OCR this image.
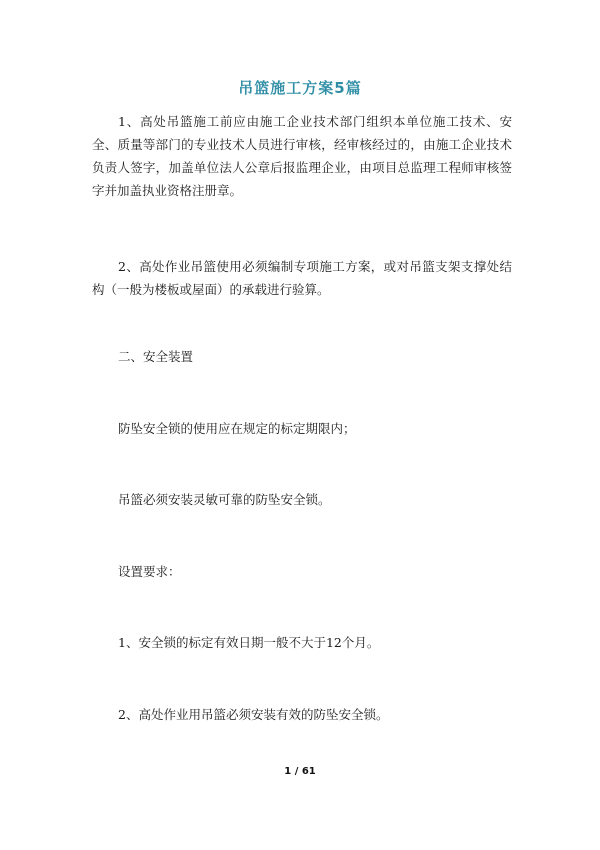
吊篮施工方案5篇
1、高处吊篮施工前应由施工企业技术部门组织本单位施工技术、安全、质量等部门的专业技术人员进行审核，经审核经过的，由施工企业技术负责人签字，加盖单位法人公章后报监理企业，由项目总监理工程师审核签字并加盖执业资格注册章。
2、高处作业吊篮使用必须编制专项施工方案，或对吊篮支架支撑处结构（一般为楼板或屋面）的承载进行验算。
二、安全装置
防坠安全锁的使用应在规定的标定期限内；
吊篮必须安装灵敏可靠的防坠安全锁。
设置要求：
1、安全锁的标定有效日期一般不大于12个月。
2、高处作业用吊篮必须安装有效的防坠安全锁。
1 / 61
